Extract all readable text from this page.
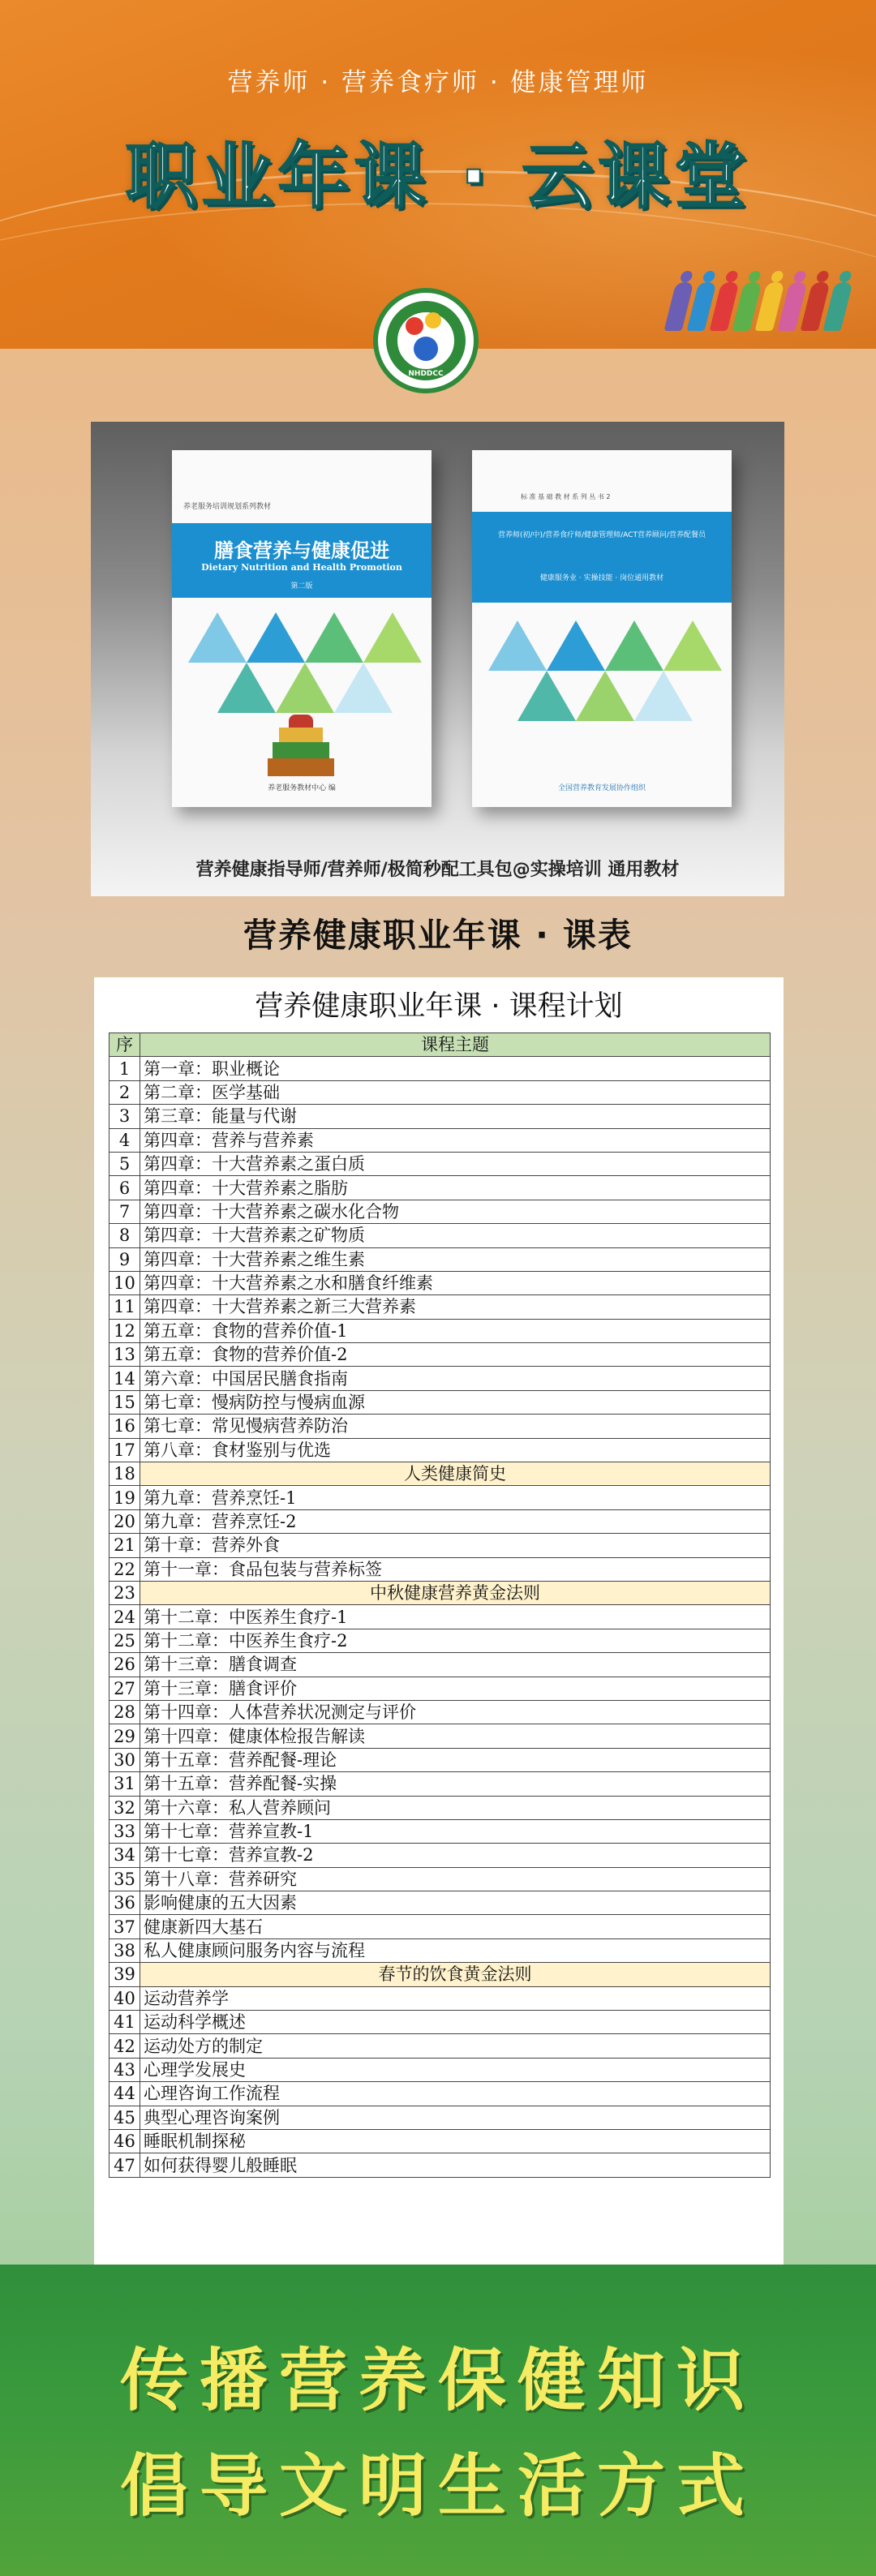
营养师 · 营养食疗师 · 健康管理师
职业年课 · 云课堂
NHDDCC
养老服务培训规划系列教材
膳食营养与健康促进
Dietary Nutrition and Health Promotion
第二版
养老服务教材中心 编
标 准 基 础 教 材 系 列 丛 书 2
营养师(初/中)/营养食疗师/健康管理师/ACT营养顾问/营养配餐员
健康服务业 · 实操技能 · 岗位通用教材
全国营养教育发展协作组织
营养健康指导师/营养师/极简秒配工具包@实操培训 通用教材
营养健康职业年课 · 课表
营养健康职业年课 · 课程计划
序	课程主题
1	第一章：职业概论
2	第二章：医学基础
3	第三章：能量与代谢
4	第四章：营养与营养素
5	第四章：十大营养素之蛋白质
6	第四章：十大营养素之脂肪
7	第四章：十大营养素之碳水化合物
8	第四章：十大营养素之矿物质
9	第四章：十大营养素之维生素
10	第四章：十大营养素之水和膳食纤维素
11	第四章：十大营养素之新三大营养素
12	第五章：食物的营养价值-1
13	第五章：食物的营养价值-2
14	第六章：中国居民膳食指南
15	第七章：慢病防控与慢病血源
16	第七章：常见慢病营养防治
17	第八章：食材鉴别与优选
18	人类健康简史
19	第九章：营养烹饪-1
20	第九章：营养烹饪-2
21	第十章：营养外食
22	第十一章：食品包装与营养标签
23	中秋健康营养黄金法则
24	第十二章：中医养生食疗-1
25	第十二章：中医养生食疗-2
26	第十三章：膳食调查
27	第十三章：膳食评价
28	第十四章：人体营养状况测定与评价
29	第十四章：健康体检报告解读
30	第十五章：营养配餐-理论
31	第十五章：营养配餐-实操
32	第十六章：私人营养顾问
33	第十七章：营养宣教-1
34	第十七章：营养宣教-2
35	第十八章：营养研究
36	影响健康的五大因素
37	健康新四大基石
38	私人健康顾问服务内容与流程
39	春节的饮食黄金法则
40	运动营养学
41	运动科学概述
42	运动处方的制定
43	心理学发展史
44	心理咨询工作流程
45	典型心理咨询案例
46	睡眠机制探秘
47	如何获得婴儿般睡眠
传播营养保健知识
倡导文明生活方式
